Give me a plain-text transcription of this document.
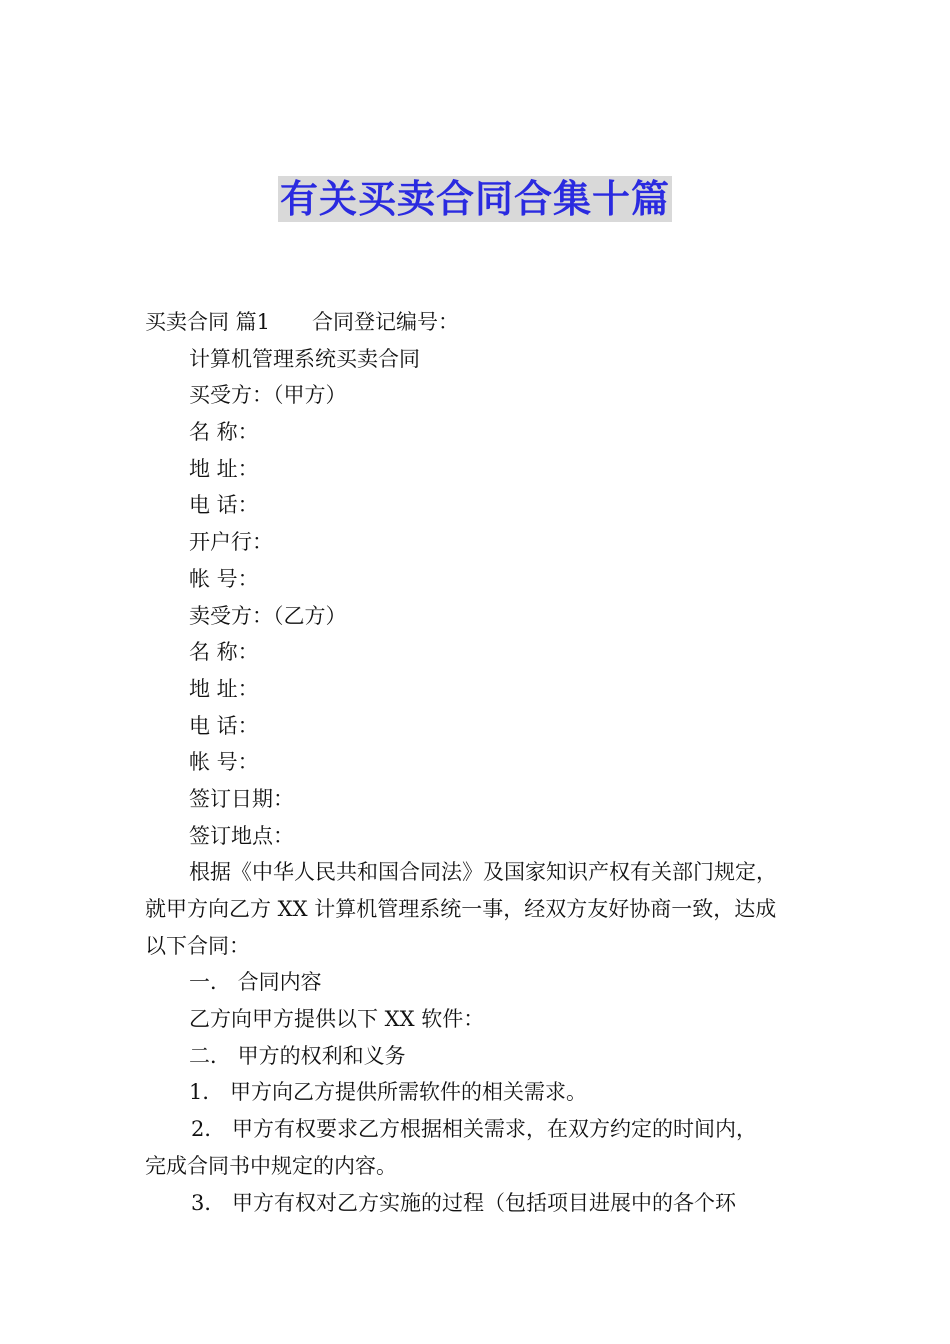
有关买卖合同合集十篇
买卖合同 篇1 合同登记编号：
计算机管理系统买卖合同
买受方：（甲方）
名 称：
地 址：
电 话：
开户行：
帐 号：
卖受方：（乙方）
名 称：
地 址：
电 话：
帐 号：
签订日期：
签订地点：
根据《中华人民共和国合同法》及国家知识产权有关部门规定，
就甲方向乙方 XX 计算机管理系统一事，经双方友好协商一致，达成
以下合同：
一． 合同内容
乙方向甲方提供以下 XX 软件：
二． 甲方的权利和义务
1． 甲方向乙方提供所需软件的相关需求。
2． 甲方有权要求乙方根据相关需求，在双方约定的时间内，
完成合同书中规定的内容。
3． 甲方有权对乙方实施的过程（包括项目进展中的各个环
